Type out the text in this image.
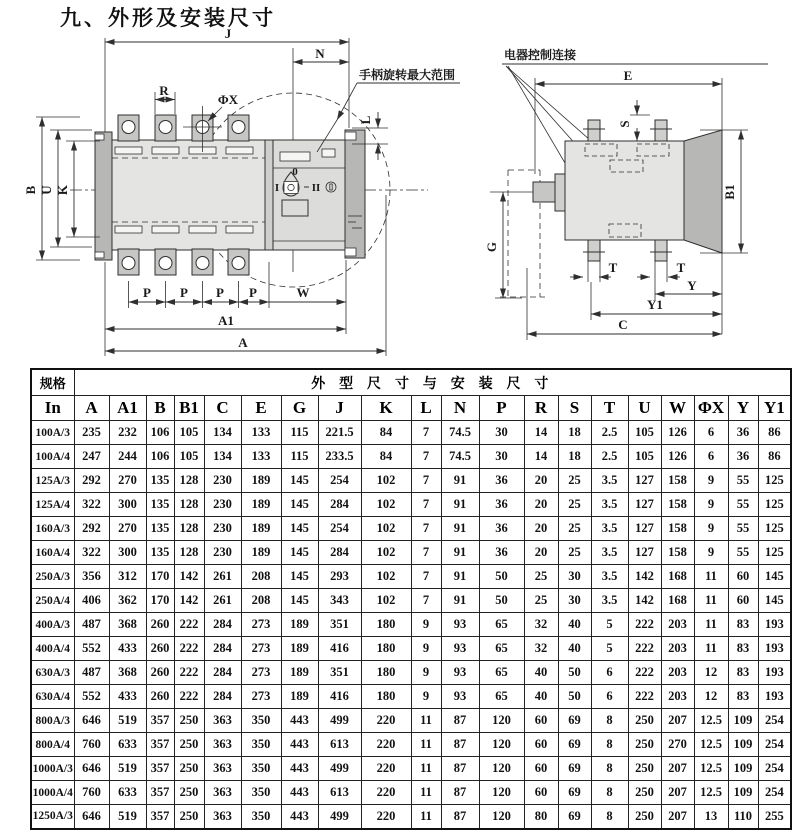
九、外形及安装尺寸
0
I	II
J
N
R
ΦX
L
B U K
P P P P	W
A1
A
手柄旋转最大范围
电器控制连接
E
S
B1
G
T	T
Y
Y1
C
规格	外 型 尺 寸 与 安 装 尺 寸																			
In	A	A1	B	B1	C	E	G	J	K	L	N	P	R	S	T	U	W	ΦX	Y	Y1
100A/3	235	232	106	105	134	133	115	221.5	84	7	74.5	30	14	18	2.5	105	126	6	36	86
100A/4	247	244	106	105	134	133	115	233.5	84	7	74.5	30	14	18	2.5	105	126	6	36	86
125A/3	292	270	135	128	230	189	145	254	102	7	91	36	20	25	3.5	127	158	9	55	125
125A/4	322	300	135	128	230	189	145	284	102	7	91	36	20	25	3.5	127	158	9	55	125
160A/3	292	270	135	128	230	189	145	254	102	7	91	36	20	25	3.5	127	158	9	55	125
160A/4	322	300	135	128	230	189	145	284	102	7	91	36	20	25	3.5	127	158	9	55	125
250A/3	356	312	170	142	261	208	145	293	102	7	91	50	25	30	3.5	142	168	11	60	145
250A/4	406	362	170	142	261	208	145	343	102	7	91	50	25	30	3.5	142	168	11	60	145
400A/3	487	368	260	222	284	273	189	351	180	9	93	65	32	40	5	222	203	11	83	193
400A/4	552	433	260	222	284	273	189	416	180	9	93	65	32	40	5	222	203	11	83	193
630A/3	487	368	260	222	284	273	189	351	180	9	93	65	40	50	6	222	203	12	83	193
630A/4	552	433	260	222	284	273	189	416	180	9	93	65	40	50	6	222	203	12	83	193
800A/3	646	519	357	250	363	350	443	499	220	11	87	120	60	69	8	250	207	12.5	109	254
800A/4	760	633	357	250	363	350	443	613	220	11	87	120	60	69	8	250	270	12.5	109	254
1000A/3	646	519	357	250	363	350	443	499	220	11	87	120	60	69	8	250	207	12.5	109	254
1000A/4	760	633	357	250	363	350	443	613	220	11	87	120	60	69	8	250	207	12.5	109	254
1250A/3	646	519	357	250	363	350	443	499	220	11	87	120	80	69	8	250	207	13	110	255
